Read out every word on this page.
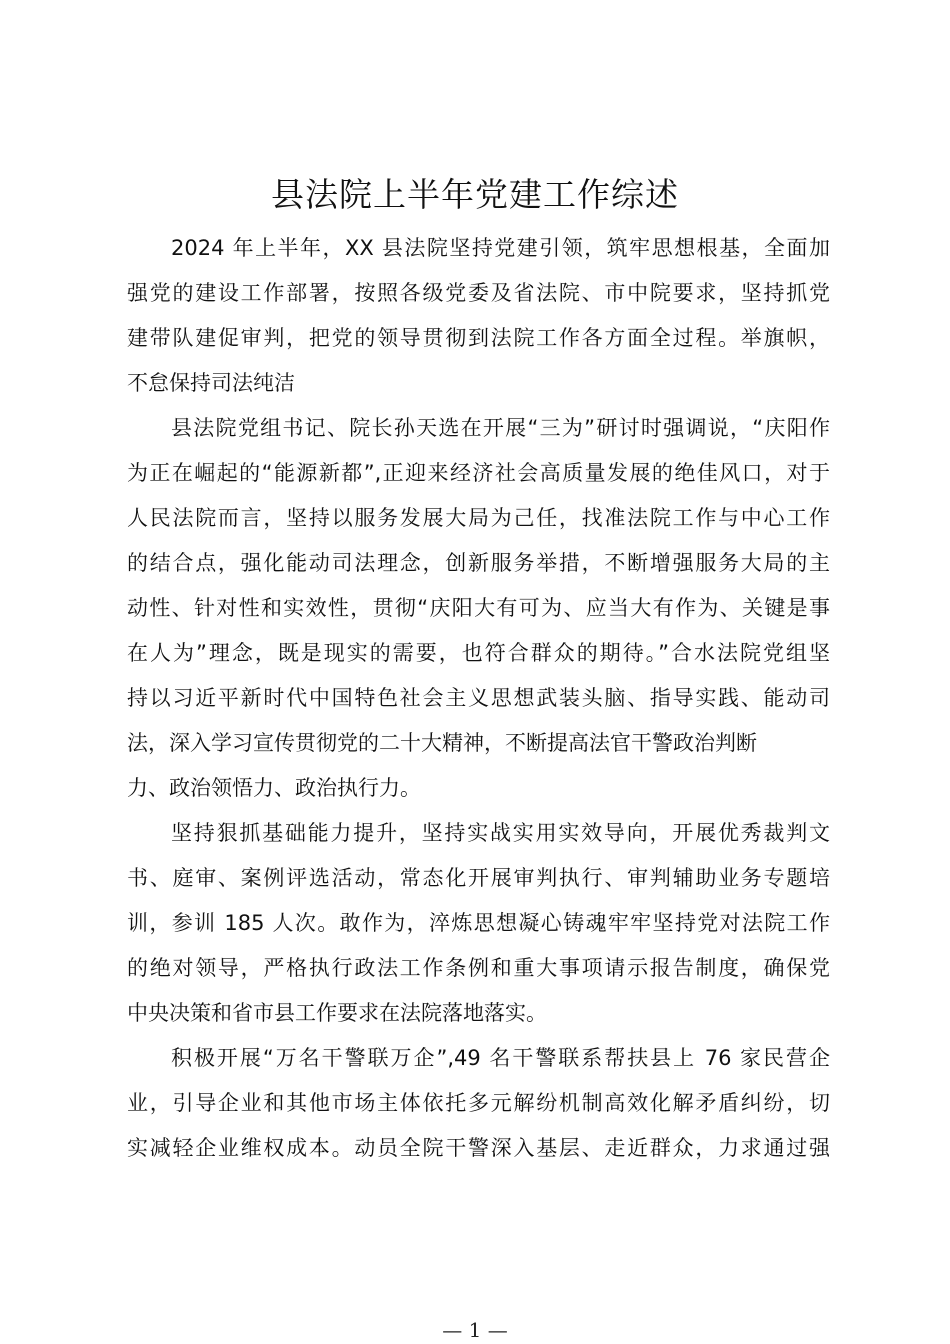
县法院上半年党建工作综述
2024 年上半年，XX 县法院坚持党建引领，筑牢思想根基，全面加
强党的建设工作部署，按照各级党委及省法院、市中院要求，坚持抓党
建带队建促审判，把党的领导贯彻到法院工作各方面全过程。举旗帜，
不怠保持司法纯洁
县法院党组书记、院长孙天选在开展“三为”研讨时强调说，“庆阳作
为正在崛起的“能源新都”,正迎来经济社会高质量发展的绝佳风口，对于
人民法院而言，坚持以服务发展大局为己任，找准法院工作与中心工作
的结合点，强化能动司法理念，创新服务举措，不断增强服务大局的主
动性、针对性和实效性，贯彻“庆阳大有可为、应当大有作为、关键是事
在人为”理念，既是现实的需要，也符合群众的期待。”合水法院党组坚
持以习近平新时代中国特色社会主义思想武装头脑、指导实践、能动司
法，深入学习宣传贯彻党的二十大精神，不断提高法官干警政治判断
力、政治领悟力、政治执行力。
坚持狠抓基础能力提升，坚持实战实用实效导向，开展优秀裁判文
书、庭审、案例评选活动，常态化开展审判执行、审判辅助业务专题培
训，参训 185 人次。敢作为，淬炼思想凝心铸魂牢牢坚持党对法院工作
的绝对领导，严格执行政法工作条例和重大事项请示报告制度，确保党
中央决策和省市县工作要求在法院落地落实。
积极开展“万名干警联万企”,49 名干警联系帮扶县上 76 家民营企
业，引导企业和其他市场主体依托多元解纷机制高效化解矛盾纠纷，切
实减轻企业维权成本。动员全院干警深入基层、走近群众，力求通过强
— 1 —
